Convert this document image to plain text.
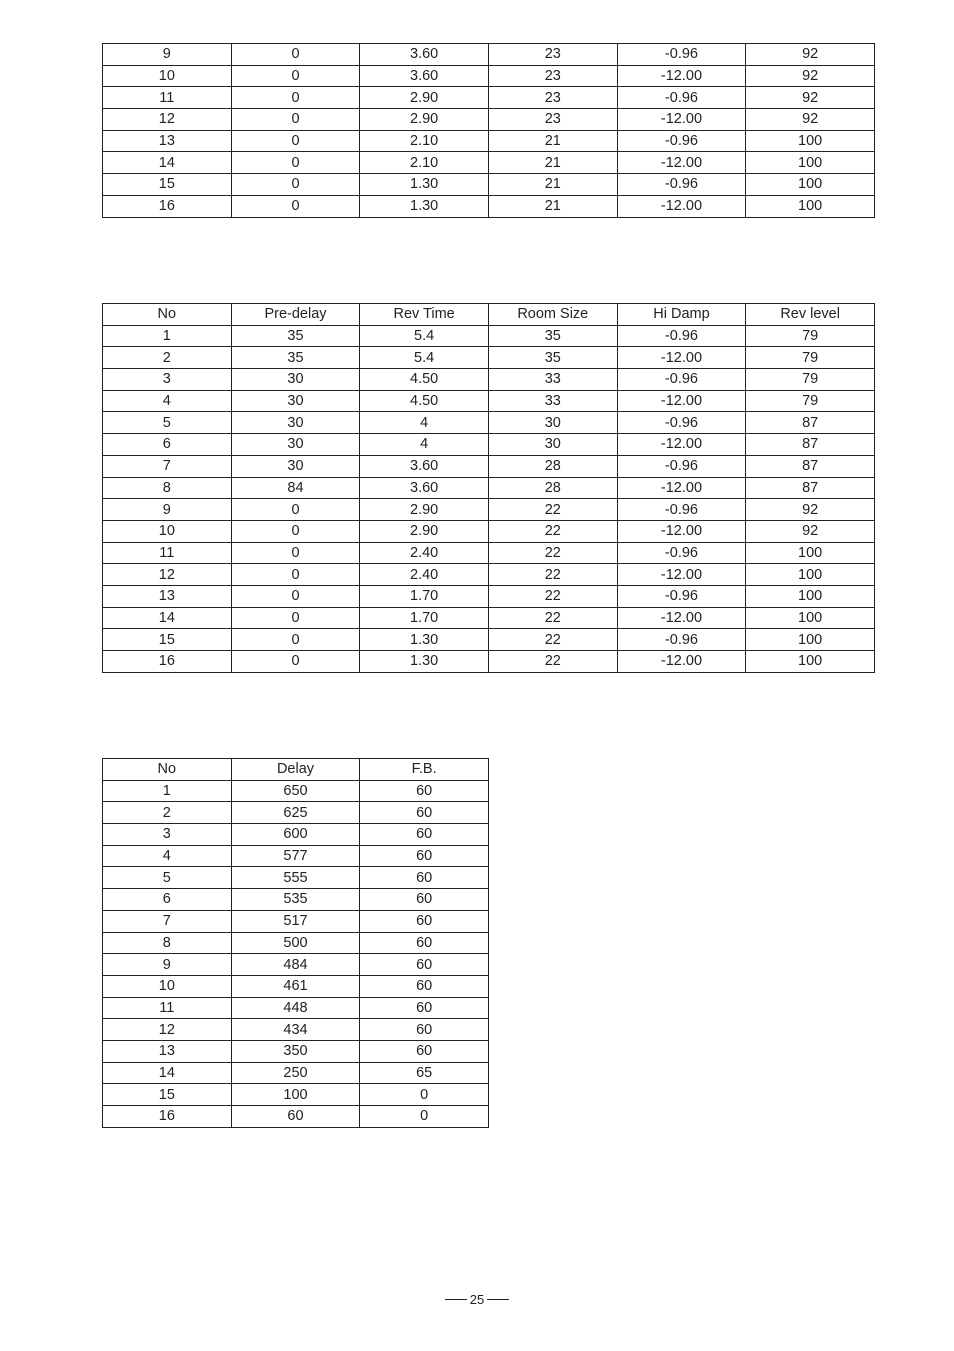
9	0	3.60	23	-0.96	92
10	0	3.60	23	-12.00	92
11	0	2.90	23	-0.96	92
12	0	2.90	23	-12.00	92
13	0	2.10	21	-0.96	100
14	0	2.10	21	-12.00	100
15	0	1.30	21	-0.96	100
16	0	1.30	21	-12.00	100
No	Pre-delay	Rev Time	Room Size	Hi Damp	Rev level
1	35	5.4	35	-0.96	79
2	35	5.4	35	-12.00	79
3	30	4.50	33	-0.96	79
4	30	4.50	33	-12.00	79
5	30	4	30	-0.96	87
6	30	4	30	-12.00	87
7	30	3.60	28	-0.96	87
8	84	3.60	28	-12.00	87
9	0	2.90	22	-0.96	92
10	0	2.90	22	-12.00	92
11	0	2.40	22	-0.96	100
12	0	2.40	22	-12.00	100
13	0	1.70	22	-0.96	100
14	0	1.70	22	-12.00	100
15	0	1.30	22	-0.96	100
16	0	1.30	22	-12.00	100
No	Delay	F.B.
1	650	60
2	625	60
3	600	60
4	577	60
5	555	60
6	535	60
7	517	60
8	500	60
9	484	60
10	461	60
11	448	60
12	434	60
13	350	60
14	250	65
15	100	0
16	60	0
25
